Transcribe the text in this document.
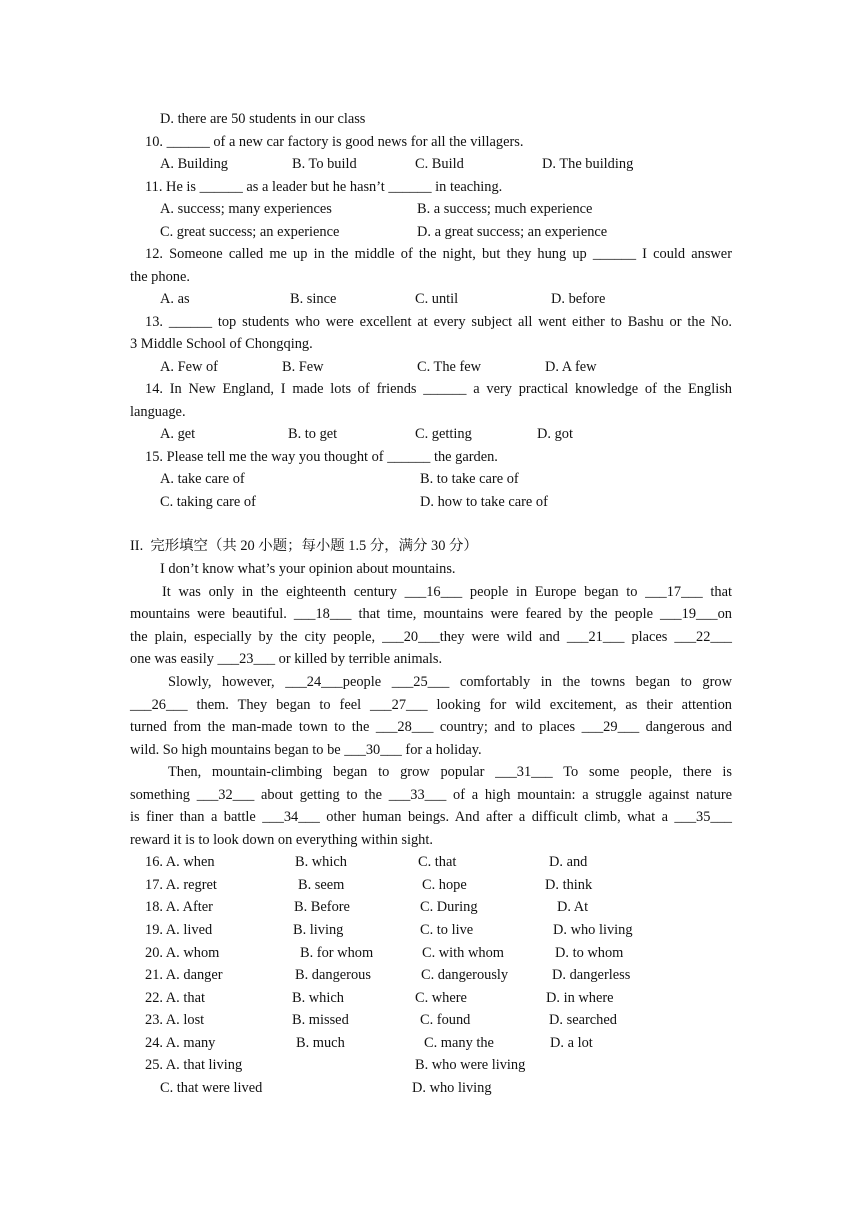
D. there are 50 students in our class
10. ______ of a new car factory is good news for all the villagers.
A. Building	B. To build	C. Build	D. The building
11. He is ______ as a leader but he hasn’t ______ in teaching.
A. success; many experiences	B. a success; much experience
C. great success; an experience	D. a great success; an experience
12. Someone called me up in the middle of the night, but they hung up ______ I could answer
the phone.
A. as	B. since	C. until	D. before
13. ______ top students who were excellent at every subject all went either to Bashu or the No.
3 Middle School of Chongqing.
A. Few of	B. Few	C. The few	D. A few
14. In New England, I made lots of friends ______ a very practical knowledge of the English
language.
A. get	B. to get	C. getting	D. got
15. Please tell me the way you thought of ______ the garden.
A. take care of	B. to take care of
C. taking care of	D. how to take care of
II.  完形填空（共 20 小题；每小题 1.5 分，满分 30 分）
I don’t know what’s your opinion about mountains.
It was only in the eighteenth century ___16___ people in Europe began to ___17___ that
mountains were beautiful. ___18___ that time, mountains were feared by the people ___19___on
the plain, especially by the city people, ___20___they were wild and ___21___ places ___22___
one was easily ___23___ or killed by terrible animals.
Slowly, however, ___24___people ___25___ comfortably in the towns began to grow
___26___ them. They began to feel ___27___ looking for wild excitement, as their attention
turned from the man-made town to the ___28___ country; and to places ___29___ dangerous and
wild. So high mountains began to be ___30___ for a holiday.
Then, mountain-climbing began to grow popular ___31___ To some people, there is
something ___32___ about getting to the ___33___ of a high mountain: a struggle against nature
is finer than a battle ___34___ other human beings. And after a difficult climb, what a ___35___
reward it is to look down on everything within sight.
16. A. when	B. which	C. that	D. and
17. A. regret	B. seem	C. hope	D. think
18. A. After	B. Before	C. During	D. At
19. A. lived	B. living	C. to live	D. who living
20. A. whom	B. for whom	C. with whom	D. to whom
21. A. danger	B. dangerous	C. dangerously	D. dangerless
22. A. that	B. which	C. where	D. in where
23. A. lost	B. missed	C. found	D. searched
24. A. many	B. much	C. many the	D. a lot
25. A. that living	B. who were living
C. that were lived	D. who living
